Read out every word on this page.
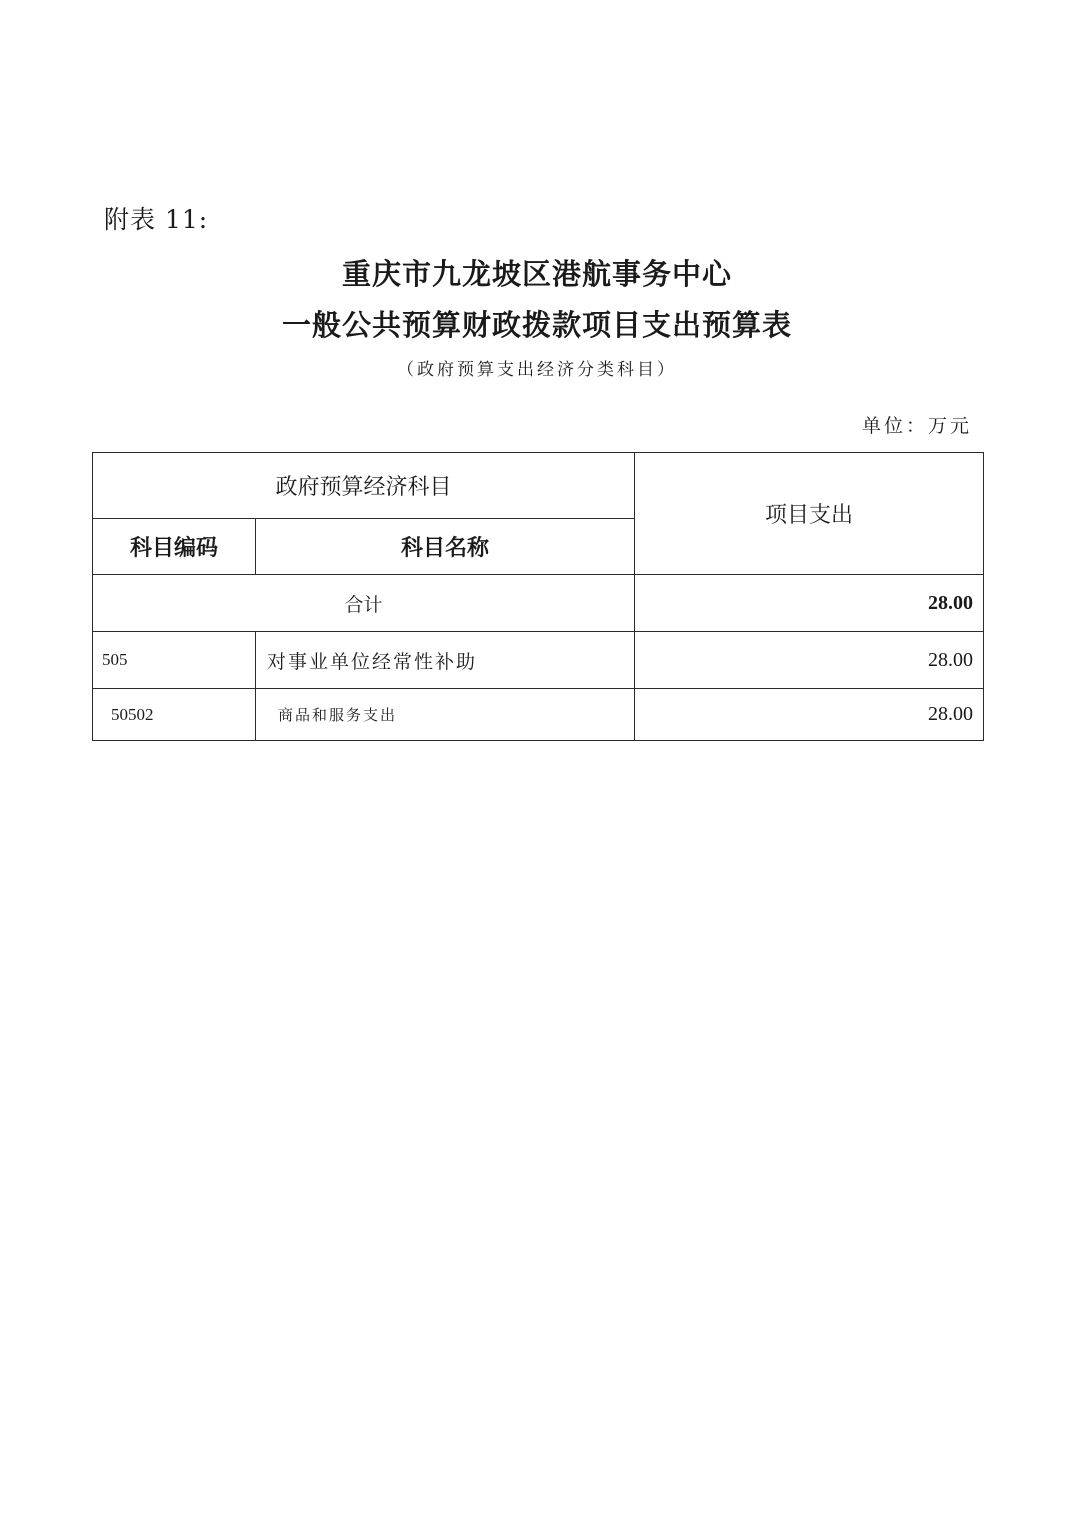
附表 11:
重庆市九龙坡区港航事务中心
一般公共预算财政拨款项目支出预算表
（政府预算支出经济分类科目）
单位：万元
政府预算经济科目		项目支出
科目编码	科目名称	
合计		28.00
505	对事业单位经常性补助	28.00
50502	商品和服务支出	28.00
